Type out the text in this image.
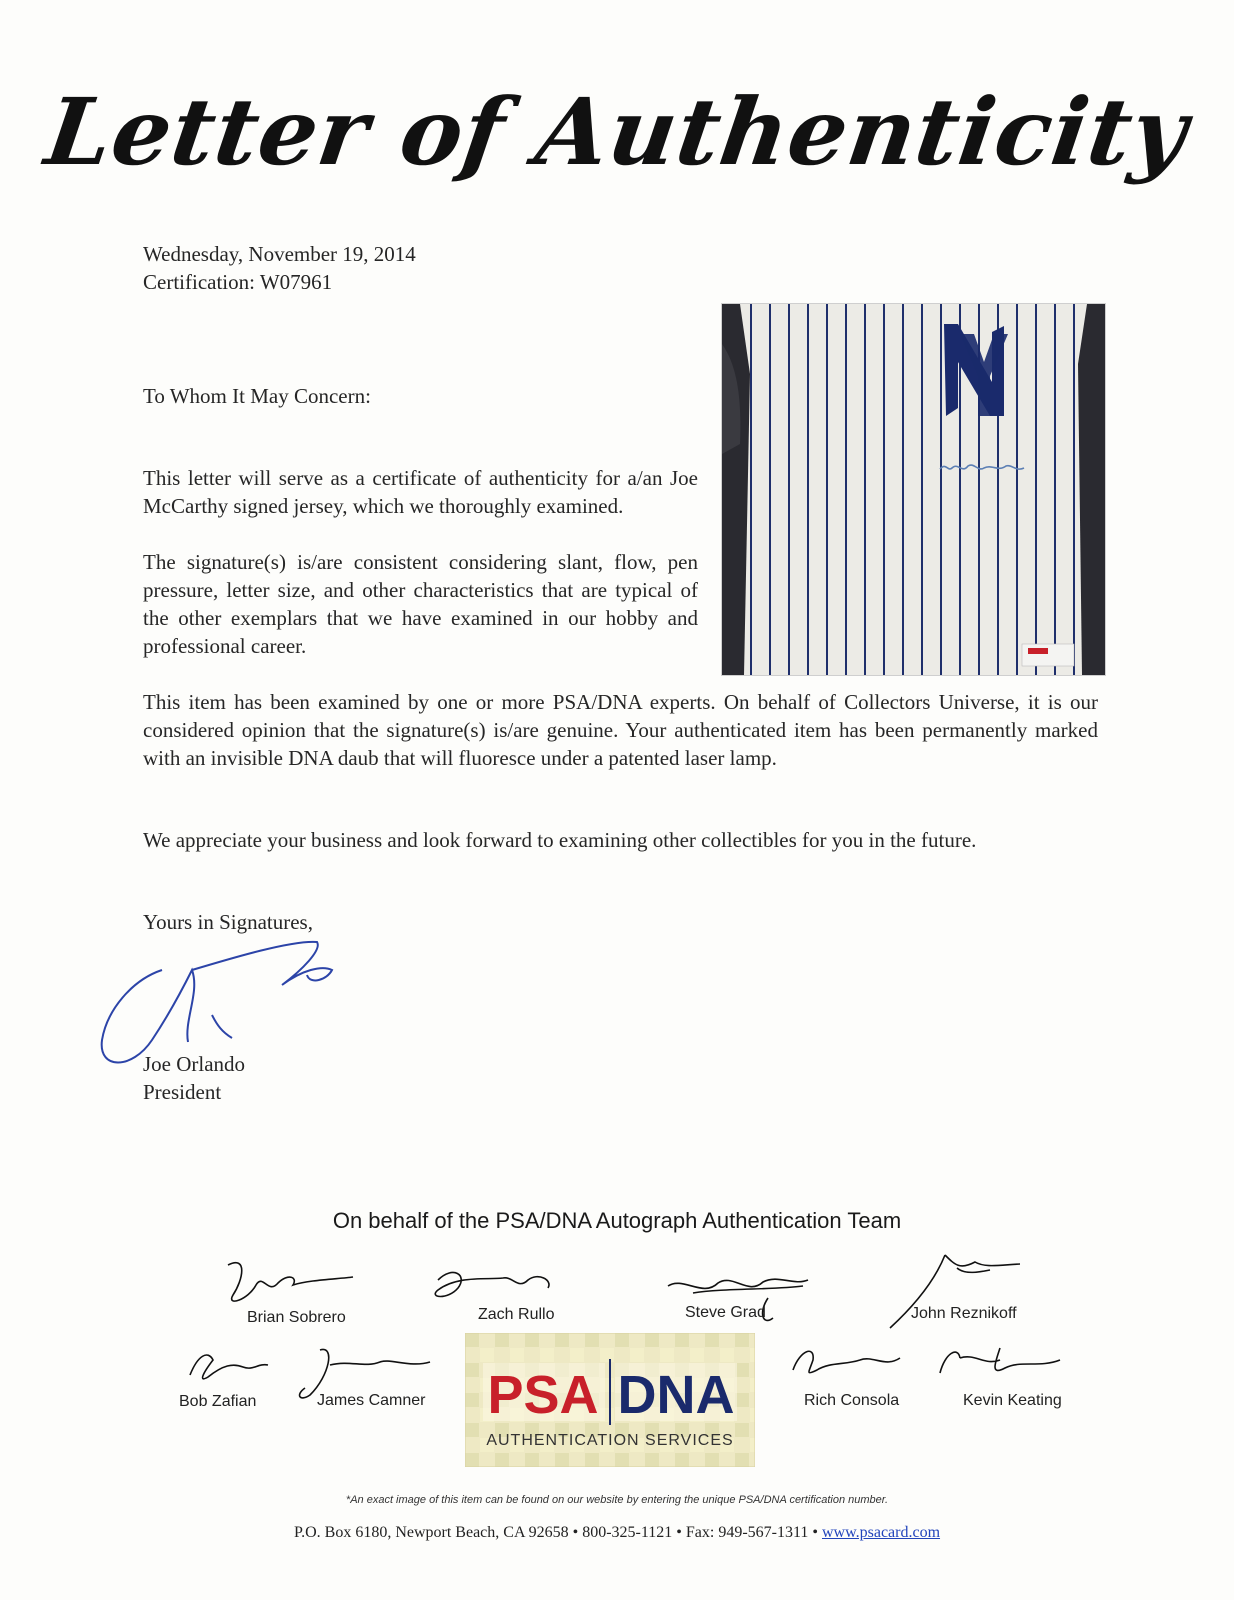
Letter of Authenticity
Wednesday, November 19, 2014
Certification: W07961
To Whom It May Concern:
This letter will serve as a certificate of authenticity for a/an Joe McCarthy signed jersey, which we thoroughly examined.
The signature(s) is/are consistent considering slant, flow, pen pressure, letter size, and other characteristics that are typical of the other exemplars that we have examined in our hobby and professional career.
This item has been examined by one or more PSA/DNA experts. On behalf of Collectors Universe, it is our considered opinion that the signature(s) is/are genuine. Your authenticated item has been permanently marked with an invisible DNA daub that will fluoresce under a patented laser lamp.
We appreciate your business and look forward to examining other collectibles for you in the future.
Yours in Signatures,
Joe Orlando
President
On behalf of the PSA/DNA Autograph Authentication Team
Brian Sobrero	Zach Rullo	Steve Grad	John Reznikoff
Bob Zafian	James Camner	Rich Consola	Kevin Keating
PSA DNA
AUTHENTICATION SERVICES
*An exact image of this item can be found on our website by entering the unique PSA/DNA certification number.
P.O. Box 6180, Newport Beach, CA 92658 • 800-325-1121 • Fax: 949-567-1311 • www.psacard.com
